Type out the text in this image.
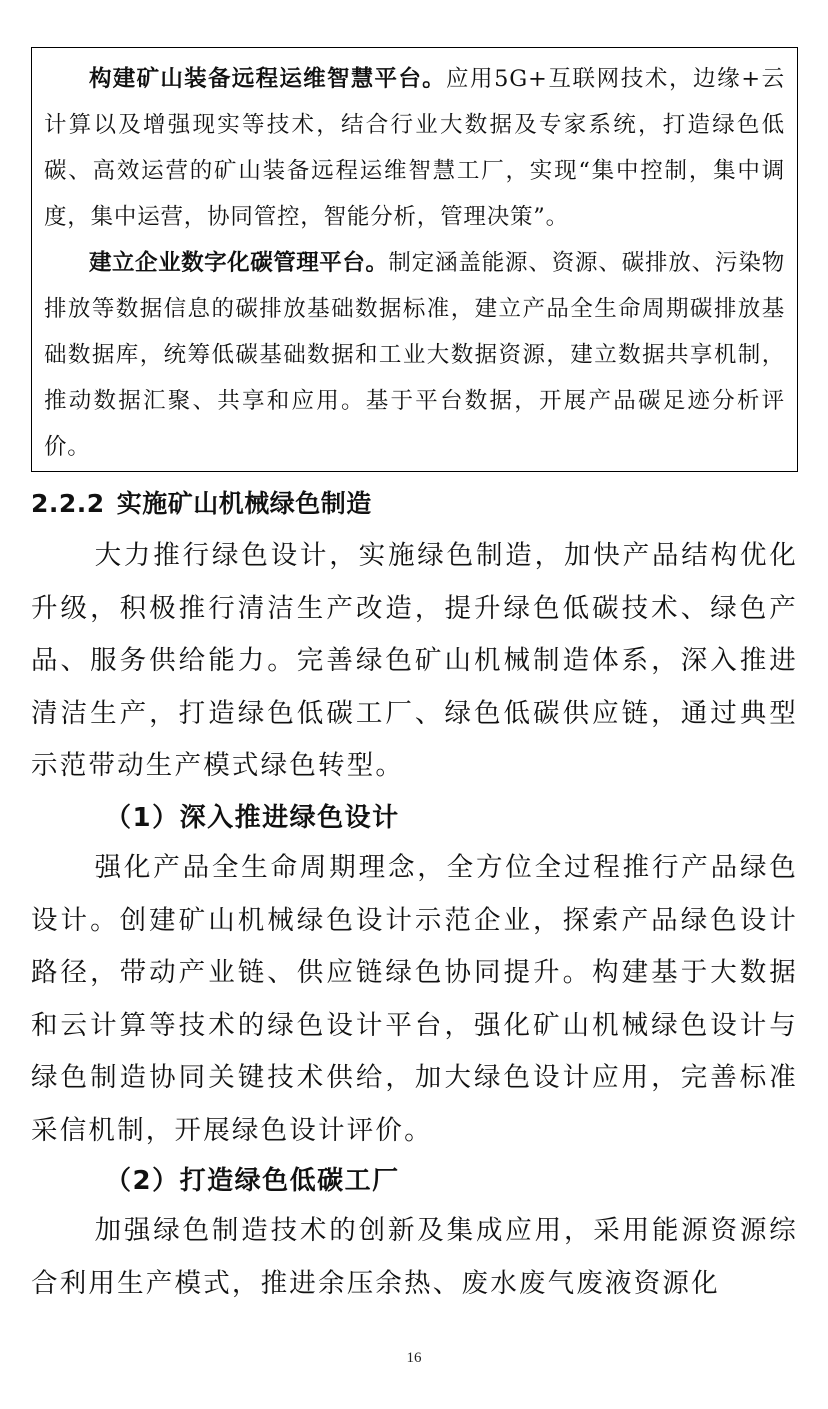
构建矿山装备远程运维智慧平台。应用5G+互联网技术，边缘+云计算以及增强现实等技术，结合行业大数据及专家系统，打造绿色低碳、高效运营的矿山装备远程运维智慧工厂，实现“集中控制，集中调度，集中运营，协同管控，智能分析，管理决策”。

建立企业数字化碳管理平台。制定涵盖能源、资源、碳排放、污染物排放等数据信息的碳排放基础数据标准，建立产品全生命周期碳排放基础数据库，统筹低碳基础数据和工业大数据资源，建立数据共享机制，推动数据汇聚、共享和应用。基于平台数据，开展产品碳足迹分析评价。

2.2.2 实施矿山机械绿色制造

大力推行绿色设计，实施绿色制造，加快产品结构优化升级，积极推行清洁生产改造，提升绿色低碳技术、绿色产品、服务供给能力。完善绿色矿山机械制造体系，深入推进清洁生产，打造绿色低碳工厂、绿色低碳供应链，通过典型示范带动生产模式绿色转型。

（1）深入推进绿色设计

强化产品全生命周期理念，全方位全过程推行产品绿色设计。创建矿山机械绿色设计示范企业，探索产品绿色设计路径，带动产业链、供应链绿色协同提升。构建基于大数据和云计算等技术的绿色设计平台，强化矿山机械绿色设计与绿色制造协同关键技术供给，加大绿色设计应用，完善标准采信机制，开展绿色设计评价。

（2）打造绿色低碳工厂

加强绿色制造技术的创新及集成应用，采用能源资源综合利用生产模式，推进余压余热、废水废气废液资源化

16
